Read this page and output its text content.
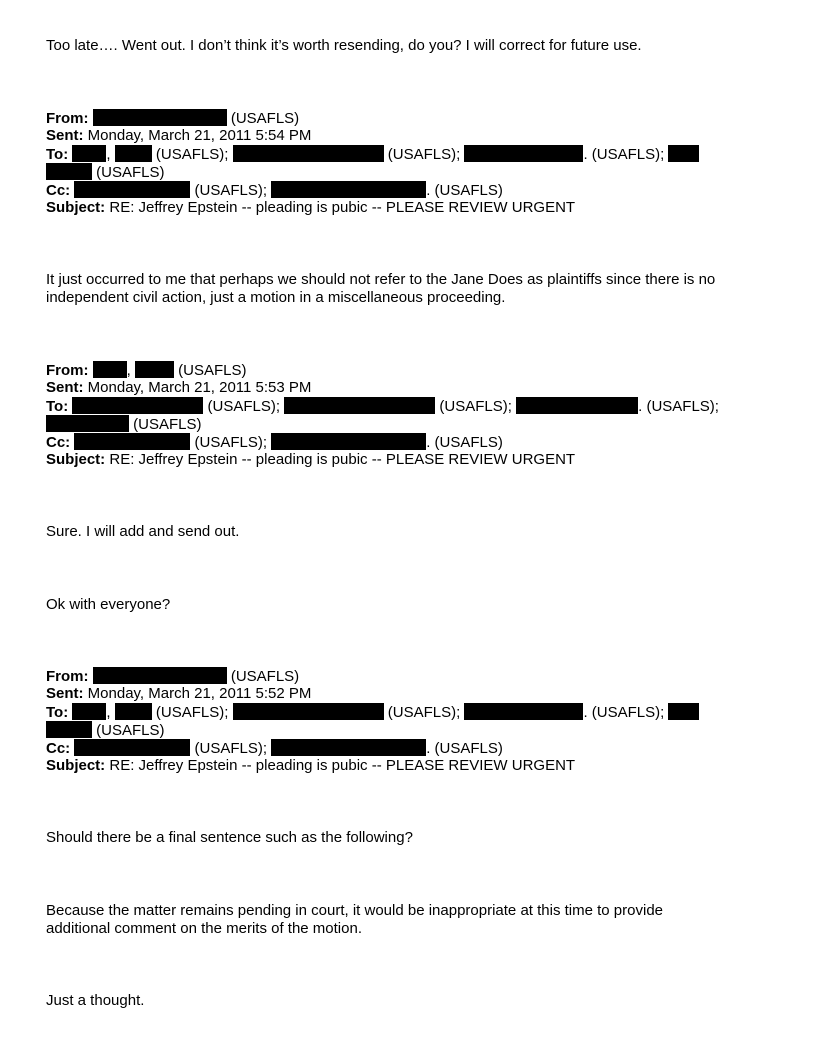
Too late…. Went out. I don’t think it’s worth resending, do you? I will correct for future use.
From:	(USAFLS)
Sent: Monday, March 21, 2011 5:54 PM
To:	,	(USAFLS);	(USAFLS);	. (USAFLS);
(USAFLS)
Cc:	(USAFLS);	. (USAFLS)
Subject: RE: Jeffrey Epstein -- pleading is pubic -- PLEASE REVIEW URGENT
It just occurred to me that perhaps we should not refer to the Jane Does as plaintiffs since there is no
independent civil action, just a motion in a miscellaneous proceeding.
From:	,	(USAFLS)
Sent: Monday, March 21, 2011 5:53 PM
To:	(USAFLS);	(USAFLS);	. (USAFLS);
(USAFLS)
Cc:	(USAFLS);	. (USAFLS)
Subject: RE: Jeffrey Epstein -- pleading is pubic -- PLEASE REVIEW URGENT
Sure. I will add and send out.
Ok with everyone?
From:	(USAFLS)
Sent: Monday, March 21, 2011 5:52 PM
To:	,	(USAFLS);	(USAFLS);	. (USAFLS);
(USAFLS)
Cc:	(USAFLS);	. (USAFLS)
Subject: RE: Jeffrey Epstein -- pleading is pubic -- PLEASE REVIEW URGENT
Should there be a final sentence such as the following?
Because the matter remains pending in court, it would be inappropriate at this time to provide
additional comment on the merits of the motion.
Just a thought.
